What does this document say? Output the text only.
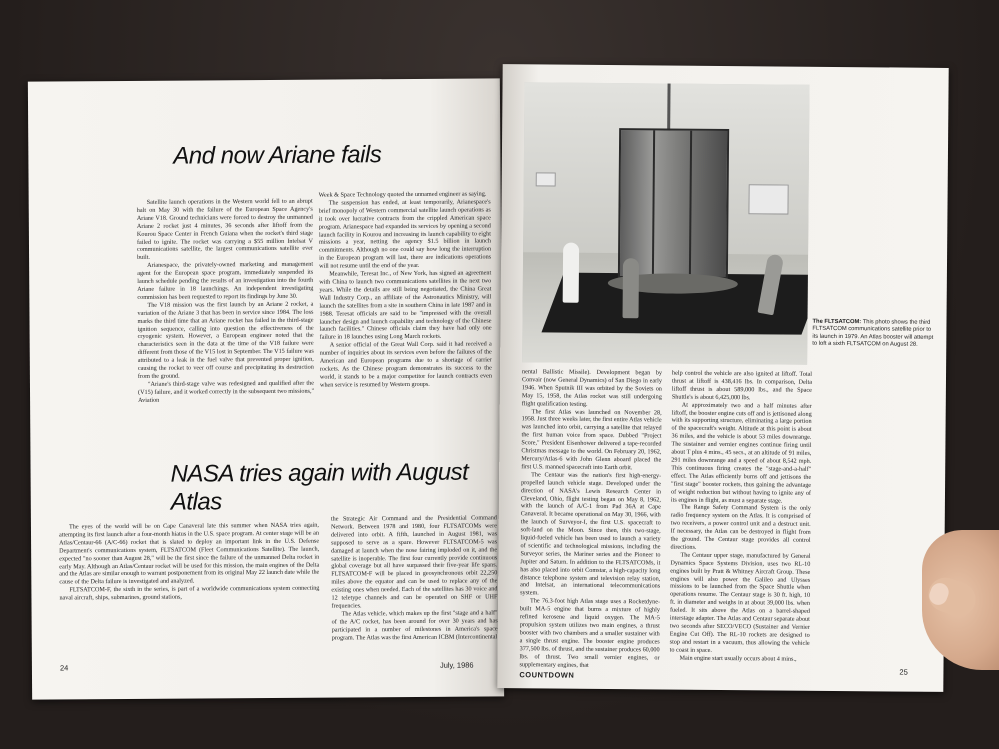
And now Ariane fails

Satellite launch operations in the Western world fell to an abrupt halt on May 30 with the failure of the European Space Agency's Ariane V18. Ground technicians were forced to destroy the unmanned Ariane 2 rocket just 4 minutes, 36 seconds after liftoff from the Kourou Space Center in French Guiana when the rocket's third stage failed to ignite. The rocket was carrying a $55 million Intelsat V communications satellite, the largest communications satellite ever built.

Arianespace, the privately-owned marketing and management agent for the European space program, immediately suspended its launch schedule pending the results of an investigation into the fourth Ariane failure in 18 launchings. An independent investigating commission has been requested to report its findings by June 30.

The V18 mission was the first launch by an Ariane 2 rocket, a variation of the Ariane 3 that has been in service since 1984. The loss marks the third time that an Ariane rocket has failed in the third-stage ignition sequence, calling into question the effectiveness of the cryogenic system. However, a European engineer noted that the characteristics seen in the data at the time of the V18 failure were different from those of the V15 lost in September. The V15 failure was attributed to a leak in the fuel valve that prevented proper ignition, causing the rocket to veer off course and precipitating its destruction from the ground.

"Ariane's third-stage valve was redesigned and qualified after the (V15) failure, and it worked correctly in the subsequent two missions," Aviation

Week & Space Technology quoted the unnamed engineer as saying.

The suspension has ended, at least temporarily, Arianespace's brief monopoly of Western commercial satellite launch operations as it took over lucrative contracts from the crippled American space program. Arianespace had expanded its services by opening a second launch facility in Kourou and increasing its launch capability to eight missions a year, netting the agency $1.5 billion in launch commitments. Although no one could say how long the interruption in the European program will last, there are indications operations will not resume until the end of the year.

Meanwhile, Teresat Inc., of New York, has signed an agreement with China to launch two communications satellites in the next two years. While the details are still being negotiated, the China Great Wall Industry Corp., an affiliate of the Astronautics Ministry, will launch the satellites from a site in southern China in late 1987 and in 1988. Teresat officials are said to be "impressed with the overall launcher design and launch capability and technology of the Chinese launch facilities." Chinese officials claim they have had only one failure in 18 launches using Long March rockets.

A senior official of the Great Wall Corp. said it had received a number of inquiries about its services even before the failures of the American and European programs due to a shortage of carrier rockets. As the Chinese program demonstrates its success to the world, it stands to be a major competitor for launch contracts even when service is resumed by Western groups.

NASA tries again with August Atlas

The eyes of the world will be on Cape Canaveral late this summer when NASA tries again, attempting its first launch after a four-month hiatus in the U.S. space program. At center stage will be an Atlas/Centaur-66 (A/C-66) rocket that is slated to deploy an important link in the U.S. Defense Department's communications system, FLTSATCOM (Fleet Communications Satellite). The launch, expected "no sooner than August 28," will be the first since the failure of the unmanned Delta rocket in early May. Although an Atlas/Centaur rocket will be used for this mission, the main engines of the Delta and the Atlas are similar enough to warrant postponement from its original May 22 launch date while the cause of the Delta failure is investigated and analyzed.

FLTSATCOM-F, the sixth in the series, is part of a worldwide communications system connecting naval aircraft, ships, submarines, ground stations,

the Strategic Air Command and the Presidential Command Network. Between 1978 and 1980, four FLTSATCOMs were delivered into orbit. A fifth, launched in August 1981, was supposed to serve as a spare. However FLTSATCOM-5 was damaged at launch when the nose fairing imploded on it, and the satellite is inoperable. The first four currently provide continuous global coverage but all have surpassed their five-year life spans. FLTSATCOM-F will be placed in geosynchronous orbit 22,250 miles above the equator and can be used to replace any of the existing ones when needed. Each of the satellites has 30 voice and 12 teletype channels and can be operated on SHF or UHF frequencies.

The Atlas vehicle, which makes up the first "stage and a half" of the A/C rocket, has been around for over 30 years and has participated in a number of milestones in America's space program. The Atlas was the first American ICBM (Intercontinental

24	July, 1986
The FLTSATCOM: This photo shows the third FLTSATCOM communications satellite prior to its launch in 1979. An Atlas booster will attempt to loft a sixth FLTSATCOM on August 28.

nental Ballistic Missile). Development began by Convair (now General Dynamics) of San Diego in early 1946. When Sputnik III was orbited by the Soviets on May 15, 1958, the Atlas rocket was still undergoing flight qualification testing.

The first Atlas was launched on November 28, 1958. Just three weeks later, the first entire Atlas vehicle was launched into orbit, carrying a satellite that relayed the first human voice from space. Dubbed "Project Score," President Eisenhower delivered a tape-recorded Christmas message to the world. On February 20, 1962, Mercury/Atlas-6 with John Glenn aboard placed the first U.S. manned spacecraft into Earth orbit.

The Centaur was the nation's first high-energy-propelled launch vehicle stage. Developed under the direction of NASA's Lewis Research Center in Cleveland, Ohio, flight testing began on May 8, 1962, with the launch of A/C-1 from Pad 36A at Cape Canaveral. It became operational on May 30, 1966, with the launch of Surveyor-I, the first U.S. spacecraft to soft-land on the Moon. Since then, this two-stage, liquid-fueled vehicle has been used to launch a variety of scientific and technological missions, including the Surveyor series, the Mariner series and the Pioneer to Jupiter and Saturn. In addition to the FLTSATCOMs, it has also placed into orbit Comstar, a high-capacity long distance telephone system and television relay station, and Intelsat, an international telecommunications system.

The 76.3-foot high Atlas stage uses a Rocketdyne-built MA-5 engine that burns a mixture of highly refined kerosene and liquid oxygen. The MA-5 propulsion system utilizes two main engines, a thrust booster with two chambers and a smaller sustainer with a single thrust engine. The booster engine produces 377,500 lbs. of thrust, and the sustainer produces 60,000 lbs. of thrust. Two small vernier engines, or supplementary engines, that

help control the vehicle are also ignited at liftoff. Total thrust at liftoff is 438,416 lbs. In comparison, Delta liftoff thrust is about 589,000 lbs., and the Space Shuttle's is about 6,425,000 lbs.

At approximately two and a half minutes after liftoff, the booster engine cuts off and is jettisoned along with its supporting structure, eliminating a large portion of the spacecraft's weight. Altitude at this point is about 36 miles, and the vehicle is about 53 miles downrange. The sustainer and vernier engines continue firing until about T plus 4 mins., 45 secs., at an altitude of 91 miles, 291 miles downrange and a speed of about 8,542 mph. This continuous firing creates the "stage-and-a-half" effect. The Atlas efficiently burns off and jettisons the "first stage" booster rockets, thus gaining the advantage of weight reduction but without having to ignite any of its engines in flight, as must a separate stage.

The Range Safety Command System is the only radio frequency system on the Atlas. It is comprised of two receivers, a power control unit and a destruct unit. If necessary, the Atlas can be destroyed in flight from the ground. The Centaur stage provides all control directions.

The Centaur upper stage, manufactured by General Dynamics Space Systems Division, uses two RL-10 engines built by Pratt & Whitney Aircraft Group. These engines will also power the Galileo and Ulysses missions to be launched from the Space Shuttle when operations resume. The Centaur stage is 30 ft. high, 10 ft. in diameter and weighs in at about 39,000 lbs. when fueled. It sits above the Atlas on a barrel-shaped interstage adapter. The Atlas and Centaur separate about two seconds after SECO/VECO (Sustainer and Vernier Engine Cut Off). The RL-10 rockets are designed to stop and restart in a vacuum, thus allowing the vehicle to coast in space.

Main engine start usually occurs about 4 mins.,

COUNTDOWN	25
